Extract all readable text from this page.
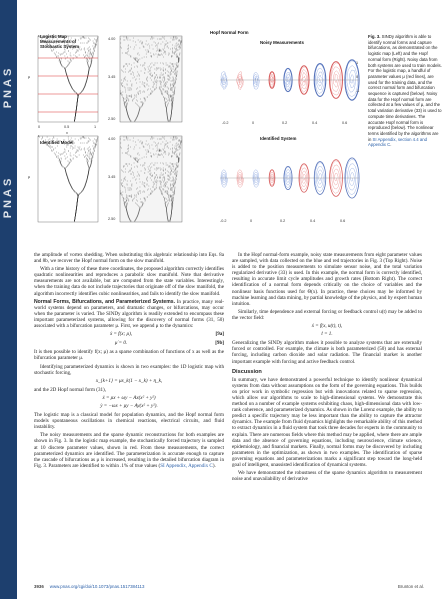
PNAS
PNAS
4.00
3.45
2.50
4.00
3.45
2.50
μ
μ
0	0.5	1
x
-0.2	0	0.2	0.4	0.6
-0.2	0	0.2	0.4	0.6
-1
0
1
Logistic Map Measurements of Stochastic System
Identified Model
Hopf Normal Form
Noisy Measurements
Identified System
Fig. 3. SINDy algorithm is able to identify normal forms and capture bifurcations, as demonstrated on the logistic map (Left) and the Hopf normal form (Right). Noisy data from both systems are used to train models. For the logistic map, a handful of parameter values μ (red lines), are used for the training data, and the correct normal form and bifurcation sequence is captured (below). Noisy data for the Hopf normal form are collected at a few values of μ, and the total variation derivative (33) is used to compute time derivatives. The accurate Hopf normal form is reproduced (below). The nonlinear terms identified by the algorithms are in SI Appendix, section 4.4 and Appendix C.

the amplitude of vortex shedding. When substituting this algebraic relationship into Eqs. 8a and 8b, we recover the Hopf normal form on the slow manifold.

With a time history of these three coordinates, the proposed algorithm correctly identifies quadratic nonlinearities and reproduces a parabolic slow manifold. Note that derivative measurements are not available, but are computed from the state variables. Interestingly, when the training data do not include trajectories that originate off of the slow manifold, the algorithm incorrectly identifies cubic nonlinearities, and fails to identify the slow manifold.

Normal Forms, Bifurcations, and Parameterized Systems. In practice, many real-world systems depend on parameters, and dramatic changes, or bifurcations, may occur when the parameter is varied. The SINDy algorithm is readily extended to encompass these important parameterized systems, allowing for the discovery of normal forms (31, 50) associated with a bifurcation parameter μ. First, we append μ to the dynamics:

ẋ = f(x; μ),	[9a]
μ̇ = 0.	[9b]

It is then possible to identify f(x; μ) as a sparse combination of functions of x as well as the bifurcation parameter μ.

Identifying parameterized dynamics is shown in two examples: the 1D logistic map with stochastic forcing,

x_{k+1} = μx_k(1 − x_k) + η_k,

and the 2D Hopf normal form (31),

ẋ = μx + ωy − Ax(x² + y²)
ẏ = −ωx + μy − Ay(x² + y²).

The logistic map is a classical model for population dynamics, and the Hopf normal form models spontaneous oscillations in chemical reactions, electrical circuits, and fluid instability.

The noisy measurements and the sparse dynamic reconstructions for both examples are shown in Fig. 3. In the logistic map example, the stochastically forced trajectory is sampled at 10 discrete parameter values, shown in red. From these measurements, the correct parameterized dynamics are identified. The parameterization is accurate enough to capture the cascade of bifurcations as μ is increased, resulting in the detailed bifurcation diagram in Fig. 3. Parameters are identified to within .1% of true values (SI Appendix, Appendix C).

In the Hopf normal-form example, noisy state measurements from eight parameter values are sampled, with data collected on the blue and red trajectories in Fig. 3 (Top Right). Noise is added to the position measurements to simulate sensor noise, and the total variation regularized derivative (33) is used. In this example, the normal form is correctly identified, resulting in accurate limit cycle amplitudes and growth rates (Bottom Right). The correct identification of a normal form depends critically on the choice of variables and the nonlinear basis functions used for Θ(x). In practice, these choices may be informed by machine learning and data mining, by partial knowledge of the physics, and by expert human intuition.

Similarly, time dependence and external forcing or feedback control u(t) may be added to the vector field:

ẋ = f(x, u(t), t),
ṫ = 1.

Generalizing the SINDy algorithm makes it possible to analyze systems that are externally forced or controlled. For example, the climate is both parameterized (50) and has external forcing, including carbon dioxide and solar radiation. The financial market is another important example with forcing and active feedback control.

Discussion

In summary, we have demonstrated a powerful technique to identify nonlinear dynamical systems from data without assumptions on the form of the governing equations. This builds on prior work in symbolic regression but with innovations related to sparse regression, which allow our algorithms to scale to high-dimensional systems. We demonstrate this method on a number of example systems exhibiting chaos, high-dimensional data with low-rank coherence, and parameterized dynamics. As shown in the Lorenz example, the ability to predict a specific trajectory may be less important than the ability to capture the attractor dynamics. The example from fluid dynamics highlights the remarkable ability of this method to extract dynamics in a fluid system that took three decades for experts in the community to explain. There are numerous fields where this method may be applied, where there are ample data and the absence of governing equations, including neuroscience, climate science, epidemiology, and financial markets. Finally, normal forms may be discovered by including parameters in the optimization, as shown in two examples. The identification of sparse governing equations and parameterizations marks a significant step toward the long-held goal of intelligent, unassisted identification of dynamical systems.

We have demonstrated the robustness of the sparse dynamics algorithm to measurement noise and unavailability of derivative

3936 www.pnas.org/cgi/doi/10.1073/pnas.1517384113	Brunton et al.
